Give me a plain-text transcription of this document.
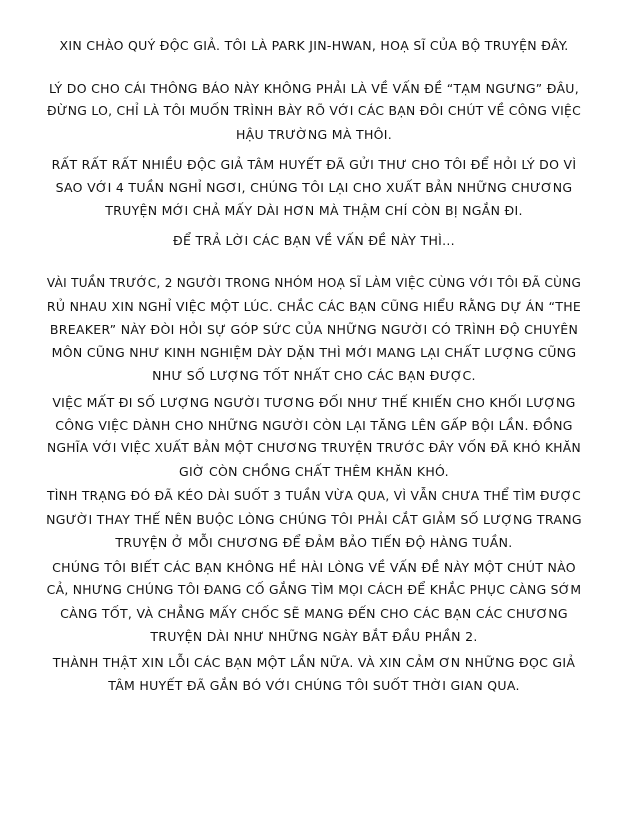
XIN CHÀO QUÝ ĐỘC GIẢ. TÔI LÀ PARK JIN-HWAN, HOẠ SĨ CỦA BỘ TRUYỆN ĐÂY.

LÝ DO CHO CÁI THÔNG BÁO NÀY KHÔNG PHẢI LÀ VỀ VẤN ĐỀ “TẠM NGƯNG” ĐÂU,
ĐỪNG LO, CHỈ LÀ TÔI MUỐN TRÌNH BÀY RÕ VỚI CÁC BẠN ĐÔI CHÚT VỀ CÔNG VIỆC
HẬU TRƯỜNG MÀ THÔI.

RẤT RẤT RẤT NHIỀU ĐỘC GIẢ TÂM HUYẾT ĐÃ GỬI THƯ CHO TÔI ĐỂ HỎI LÝ DO VÌ
SAO VỚI 4 TUẦN NGHỈ NGƠI, CHÚNG TÔI LẠI CHO XUẤT BẢN NHỮNG CHƯƠNG
TRUYỆN MỚI CHẢ MẤY DÀI HƠN MÀ THẬM CHÍ CÒN BỊ NGẮN ĐI.

ĐỂ TRẢ LỜI CÁC BẠN VỀ VẤN ĐỀ NÀY THÌ...

VÀI TUẦN TRƯỚC, 2 NGƯỜI TRONG NHÓM HOẠ SĨ LÀM VIỆC CÙNG VỚI TÔI ĐÃ CÙNG
RỦ NHAU XIN NGHỈ VIỆC MỘT LÚC. CHẮC CÁC BẠN CŨNG HIỂU RẰNG DỰ ÁN “THE
BREAKER” NÀY ĐÒI HỎI SỰ GÓP SỨC CỦA NHỮNG NGƯỜI CÓ TRÌNH ĐỘ CHUYÊN
MÔN CŨNG NHƯ KINH NGHIỆM DÀY DẶN THÌ MỚI MANG LẠI CHẤT LƯỢNG CŨNG
NHƯ SỐ LƯỢNG TỐT NHẤT CHO CÁC BẠN ĐƯỢC.

VIỆC MẤT ĐI SỐ LƯỢNG NGƯỜI TƯƠNG ĐỐI NHƯ THẾ KHIẾN CHO KHỐI LƯỢNG
CÔNG VIỆC DÀNH CHO NHỮNG NGƯỜI CÒN LẠI TĂNG LÊN GẤP BỘI LẦN. ĐỒNG
NGHĨA VỚI VIỆC XUẤT BẢN MỘT CHƯƠNG TRUYỆN TRƯỚC ĐÂY VỐN ĐÃ KHÓ KHĂN
GIỜ CÒN CHỒNG CHẤT THÊM KHĂN KHÓ.

TÌNH TRẠNG ĐÓ ĐÃ KÉO DÀI SUỐT 3 TUẦN VỪA QUA, VÌ VẪN CHƯA THỂ TÌM ĐƯỢC
NGƯỜI THAY THẾ NÊN BUỘC LÒNG CHÚNG TÔI PHẢI CẮT GIẢM SỐ LƯỢNG TRANG
TRUYỆN Ở MỖI CHƯƠNG ĐỂ ĐẢM BẢO TIẾN ĐỘ HÀNG TUẦN.

CHÚNG TÔI BIẾT CÁC BẠN KHÔNG HỀ HÀI LÒNG VỀ VẤN ĐỀ NÀY MỘT CHÚT NÀO
CẢ, NHƯNG CHÚNG TÔI ĐANG CỐ GẮNG TÌM MỌI CÁCH ĐỂ KHẮC PHỤC CÀNG SỚM
CÀNG TỐT, VÀ CHẲNG MẤY CHỐC SẼ MANG ĐẾN CHO CÁC BẠN CÁC CHƯƠNG
TRUYỆN DÀI NHƯ NHỮNG NGÀY BẮT ĐẦU PHẦN 2.

THÀNH THẬT XIN LỖI CÁC BẠN MỘT LẦN NỮA. VÀ XIN CẢM ƠN NHỮNG ĐỌC GIẢ
TÂM HUYẾT ĐÃ GẮN BÓ VỚI CHÚNG TÔI SUỐT THỜI GIAN QUA.
